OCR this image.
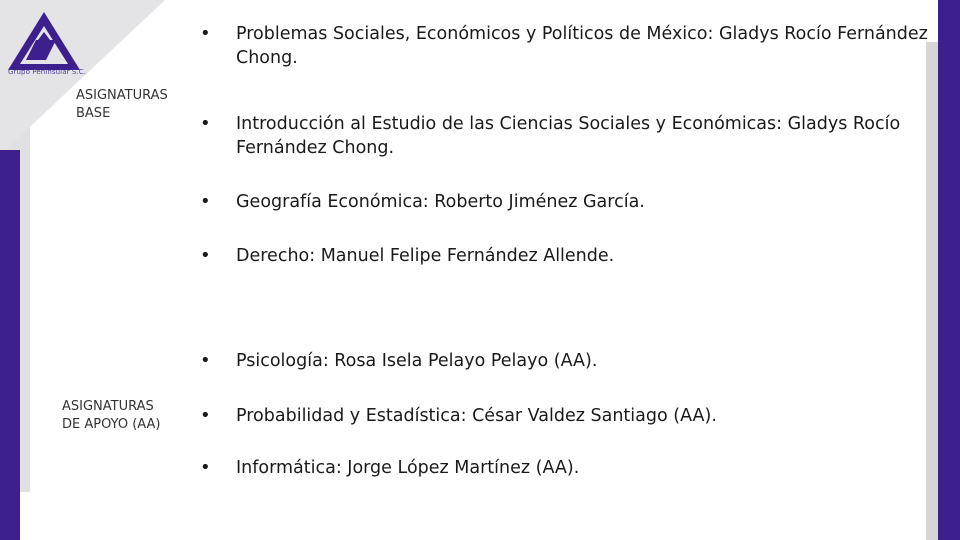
Grupo Peninsular S.C.
ASIGNATURAS
BASE
ASIGNATURAS
DE APOYO (AA)
•	Problemas Sociales, Económicos y Políticos de México: Gladys Rocío Fernández Chong.
•	Introducción al Estudio de las Ciencias Sociales y Económicas: Gladys Rocío Fernández Chong.
•	Geografía Económica: Roberto Jiménez García.
•	Derecho: Manuel Felipe Fernández Allende.
•	Psicología: Rosa Isela Pelayo Pelayo (AA).
•	Probabilidad y Estadística: César Valdez Santiago (AA).
•	Informática: Jorge López Martínez (AA).
